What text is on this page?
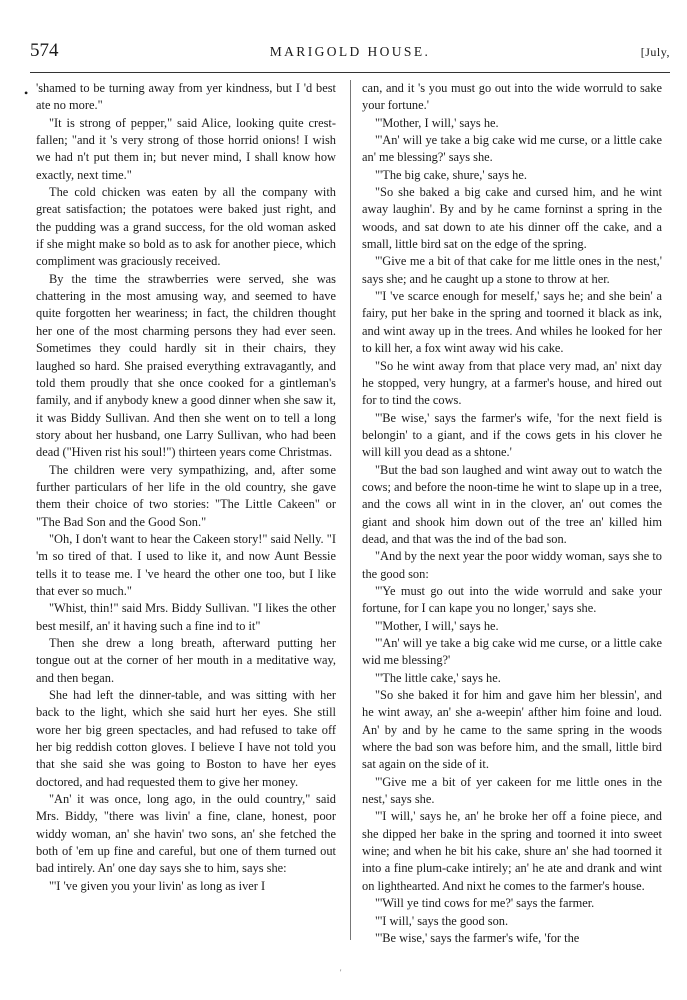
574	MARIGOLD HOUSE.	[July,
• 'shamed to be turning away from yer kindness, but I 'd best ate no more."

"It is strong of pepper," said Alice, looking quite crest-fallen; "and it 's very strong of those horrid onions! I wish we had n't put them in; but never mind, I shall know how exactly, next time."

The cold chicken was eaten by all the company with great satisfaction; the potatoes were baked just right, and the pudding was a grand success, for the old woman asked if she might make so bold as to ask for another piece, which compliment was graciously received.

By the time the strawberries were served, she was chattering in the most amusing way, and seemed to have quite forgotten her weariness; in fact, the children thought her one of the most charming persons they had ever seen. Sometimes they could hardly sit in their chairs, they laughed so hard. She praised everything extravagantly, and told them proudly that she once cooked for a gintleman's family, and if anybody knew a good dinner when she saw it, it was Biddy Sullivan. And then she went on to tell a long story about her husband, one Larry Sullivan, who had been dead ("Hiven rist his soul!") thirteen years come Christmas.

The children were very sympathizing, and, after some further particulars of her life in the old country, she gave them their choice of two stories: "The Little Cakeen" or "The Bad Son and the Good Son."

"Oh, I don't want to hear the Cakeen story!" said Nelly. "I 'm so tired of that. I used to like it, and now Aunt Bessie tells it to tease me. I 've heard the other one too, but I like that ever so much."

"Whist, thin!" said Mrs. Biddy Sullivan. "I likes the other best mesilf, an' it having such a fine ind to it"

Then she drew a long breath, afterward putting her tongue out at the corner of her mouth in a meditative way, and then began.

She had left the dinner-table, and was sitting with her back to the light, which she said hurt her eyes. She still wore her big green spectacles, and had refused to take off her big reddish cotton gloves. I believe I have not told you that she said she was going to Boston to have her eyes doctored, and had requested them to give her money.

"An' it was once, long ago, in the ould country," said Mrs. Biddy, "there was livin' a fine, clane, honest, poor widdy woman, an' she havin' two sons, an' she fetched the both of 'em up fine and careful, but one of them turned out bad intirely. An' one day says she to him, says she:

"'I 've given you your livin' as long as iver I

can, and it 's you must go out into the wide worruld to sake your fortune.'

"'Mother, I will,' says he.

"'An' will ye take a big cake wid me curse, or a little cake an' me blessing?' says she.

"'The big cake, shure,' says he.

"So she baked a big cake and cursed him, and he wint away laughin'. By and by he came forninst a spring in the woods, and sat down to ate his dinner off the cake, and a small, little bird sat on the edge of the spring.

"'Give me a bit of that cake for me little ones in the nest,' says she; and he caught up a stone to throw at her.

"'I 've scarce enough for meself,' says he; and she bein' a fairy, put her bake in the spring and toorned it black as ink, and wint away up in the trees. And whiles he looked for her to kill her, a fox wint away wid his cake.

"So he wint away from that place very mad, an' nixt day he stopped, very hungry, at a farmer's house, and hired out for to tind the cows.

"'Be wise,' says the farmer's wife, 'for the next field is belongin' to a giant, and if the cows gets in his clover he will kill you dead as a shtone.'

"But the bad son laughed and wint away out to watch the cows; and before the noon-time he wint to slape up in a tree, and the cows all wint in in the clover, an' out comes the giant and shook him down out of the tree an' killed him dead, and that was the ind of the bad son.

"And by the next year the poor widdy woman, says she to the good son:

"'Ye must go out into the wide worruld and sake your fortune, for I can kape you no longer,' says she.

"'Mother, I will,' says he.

"'An' will ye take a big cake wid me curse, or a little cake wid me blessing?'

"'The little cake,' says he.

"So she baked it for him and gave him her blessin', and he wint away, an' she a-weepin' afther him foine and loud. An' by and by he came to the same spring in the woods where the bad son was before him, and the small, little bird sat again on the side of it.

"'Give me a bit of yer cakeen for me little ones in the nest,' says she.

"'I will,' says he, an' he broke her off a foine piece, and she dipped her bake in the spring and toorned it into sweet wine; and when he bit his cake, shure an' she had toorned it into a fine plum-cake intirely; an' he ate and drank and wint on lighthearted. And nixt he comes to the farmer's house.

"'Will ye tind cows for me?' says the farmer.

"'I will,' says the good son.

"'Be wise,' says the farmer's wife, 'for the

'
